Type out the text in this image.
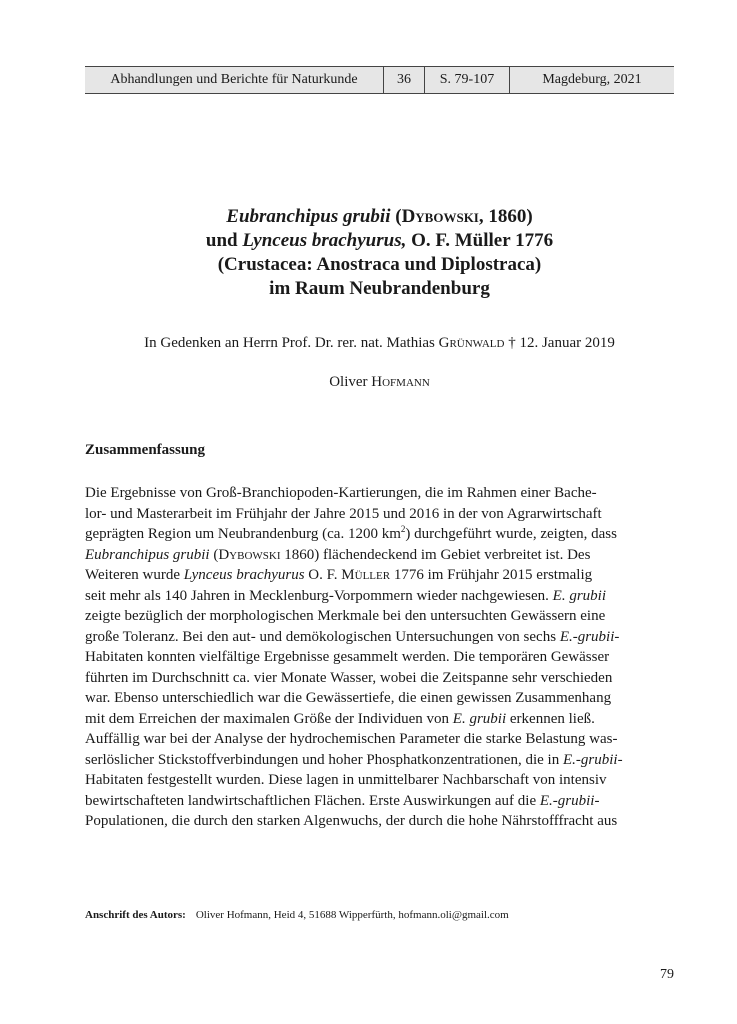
Abhandlungen und Berichte für Naturkunde	36	S. 79-107	Magdeburg, 2021
Eubranchipus grubii (Dybowski, 1860)
und Lynceus brachyurus, O. F. Müller 1776
(Crustacea: Anostraca und Diplostraca)
im Raum Neubrandenburg
In Gedenken an Herrn Prof. Dr. rer. nat. Mathias Grünwald † 12. Januar 2019
Oliver Hofmann
Zusammenfassung
Die Ergebnisse von Groß-Branchiopoden-Kartierungen, die im Rahmen einer Bache-
lor- und Masterarbeit im Frühjahr der Jahre 2015 und 2016 in der von Agrarwirtschaft
geprägten Region um Neubrandenburg (ca. 1200 $km^2$) durchgeführt wurde, zeigten, dass
Eubranchipus grubii (Dybowski 1860) flächendeckend im Gebiet verbreitet ist. Des
Weiteren wurde Lynceus brachyurus O. F. Müller 1776 im Frühjahr 2015 erstmalig
seit mehr als 140 Jahren in Mecklenburg-Vorpommern wieder nachgewiesen. E. grubii
zeigte bezüglich der morphologischen Merkmale bei den untersuchten Gewässern eine
große Toleranz. Bei den aut- und demökologischen Untersuchungen von sechs E.-grubii-
Habitaten konnten vielfältige Ergebnisse gesammelt werden. Die temporären Gewässer
führten im Durchschnitt ca. vier Monate Wasser, wobei die Zeitspanne sehr verschieden
war. Ebenso unterschiedlich war die Gewässertiefe, die einen gewissen Zusammenhang
mit dem Erreichen der maximalen Größe der Individuen von E. grubii erkennen ließ.
Auffällig war bei der Analyse der hydrochemischen Parameter die starke Belastung was-
serlöslicher Stickstoffverbindungen und hoher Phosphatkonzentrationen, die in E.-grubii-
Habitaten festgestellt wurden. Diese lagen in unmittelbarer Nachbarschaft von intensiv
bewirtschafteten landwirtschaftlichen Flächen. Erste Auswirkungen auf die E.-grubii-
Populationen, die durch den starken Algenwuchs, der durch die hohe Nährstofffracht aus
Anschrift des Autors: Oliver Hofmann, Heid 4, 51688 Wipperfürth, hofmann.oli@gmail.com
79
